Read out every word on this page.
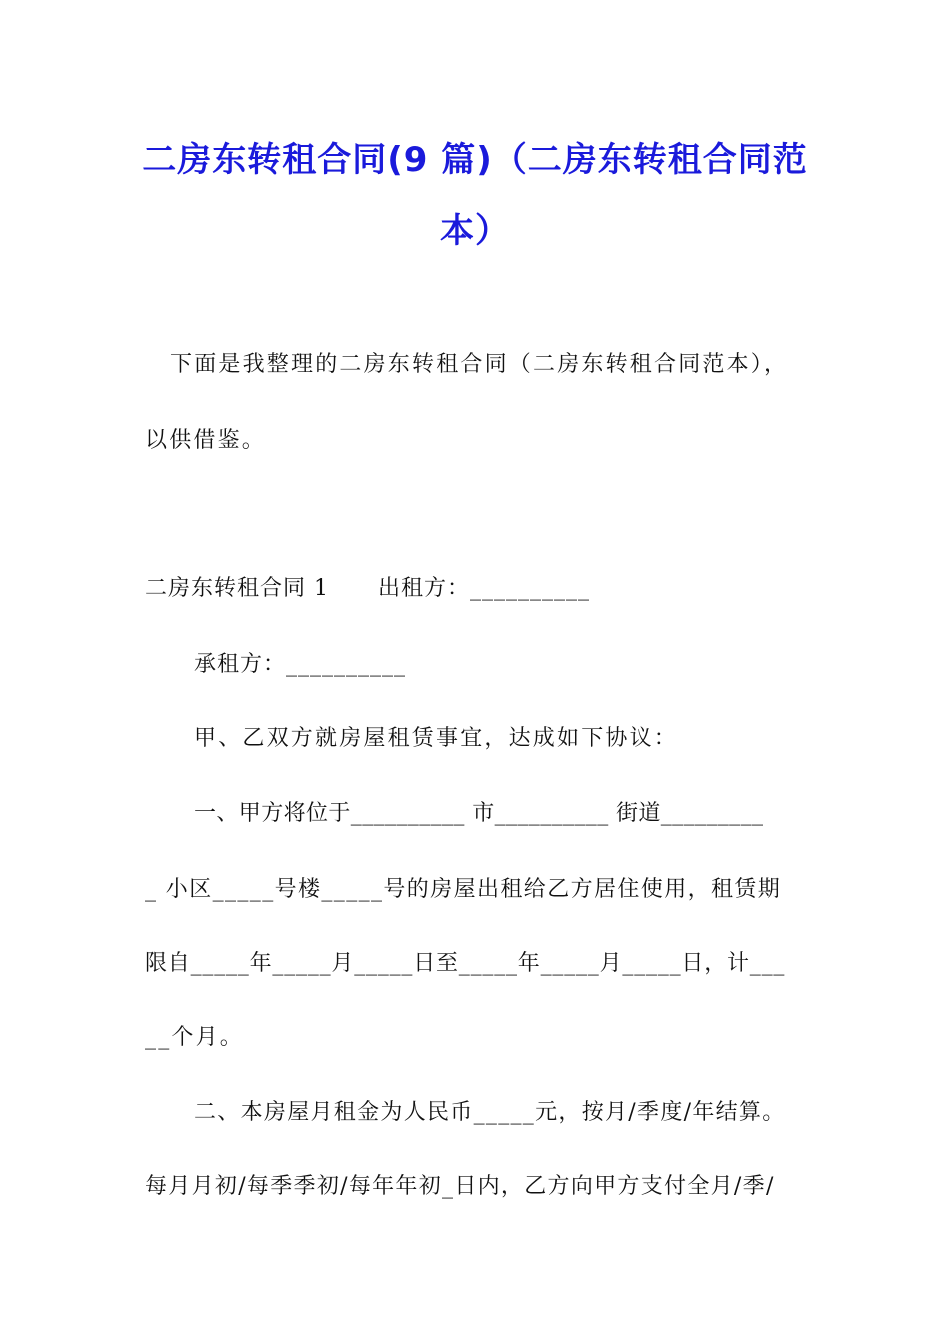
二房东转租合同(9 篇)（二房东转租合同范
本）
下面是我整理的二房东转租合同（二房东转租合同范本），
以供借鉴。
二房东转租合同 1 出租方：__________
承租方：__________
甲、乙双方就房屋租赁事宜，达成如下协议：
一、甲方将位于__________ 市__________ 街道_________
_ 小区_____号楼_____号的房屋出租给乙方居住使用，租赁期
限自_____年_____月_____日至_____年_____月_____日，计___
__个月。
二、本房屋月租金为人民币_____元，按月/季度/年结算。
每月月初/每季季初/每年年初_日内，乙方向甲方支付全月/季/
